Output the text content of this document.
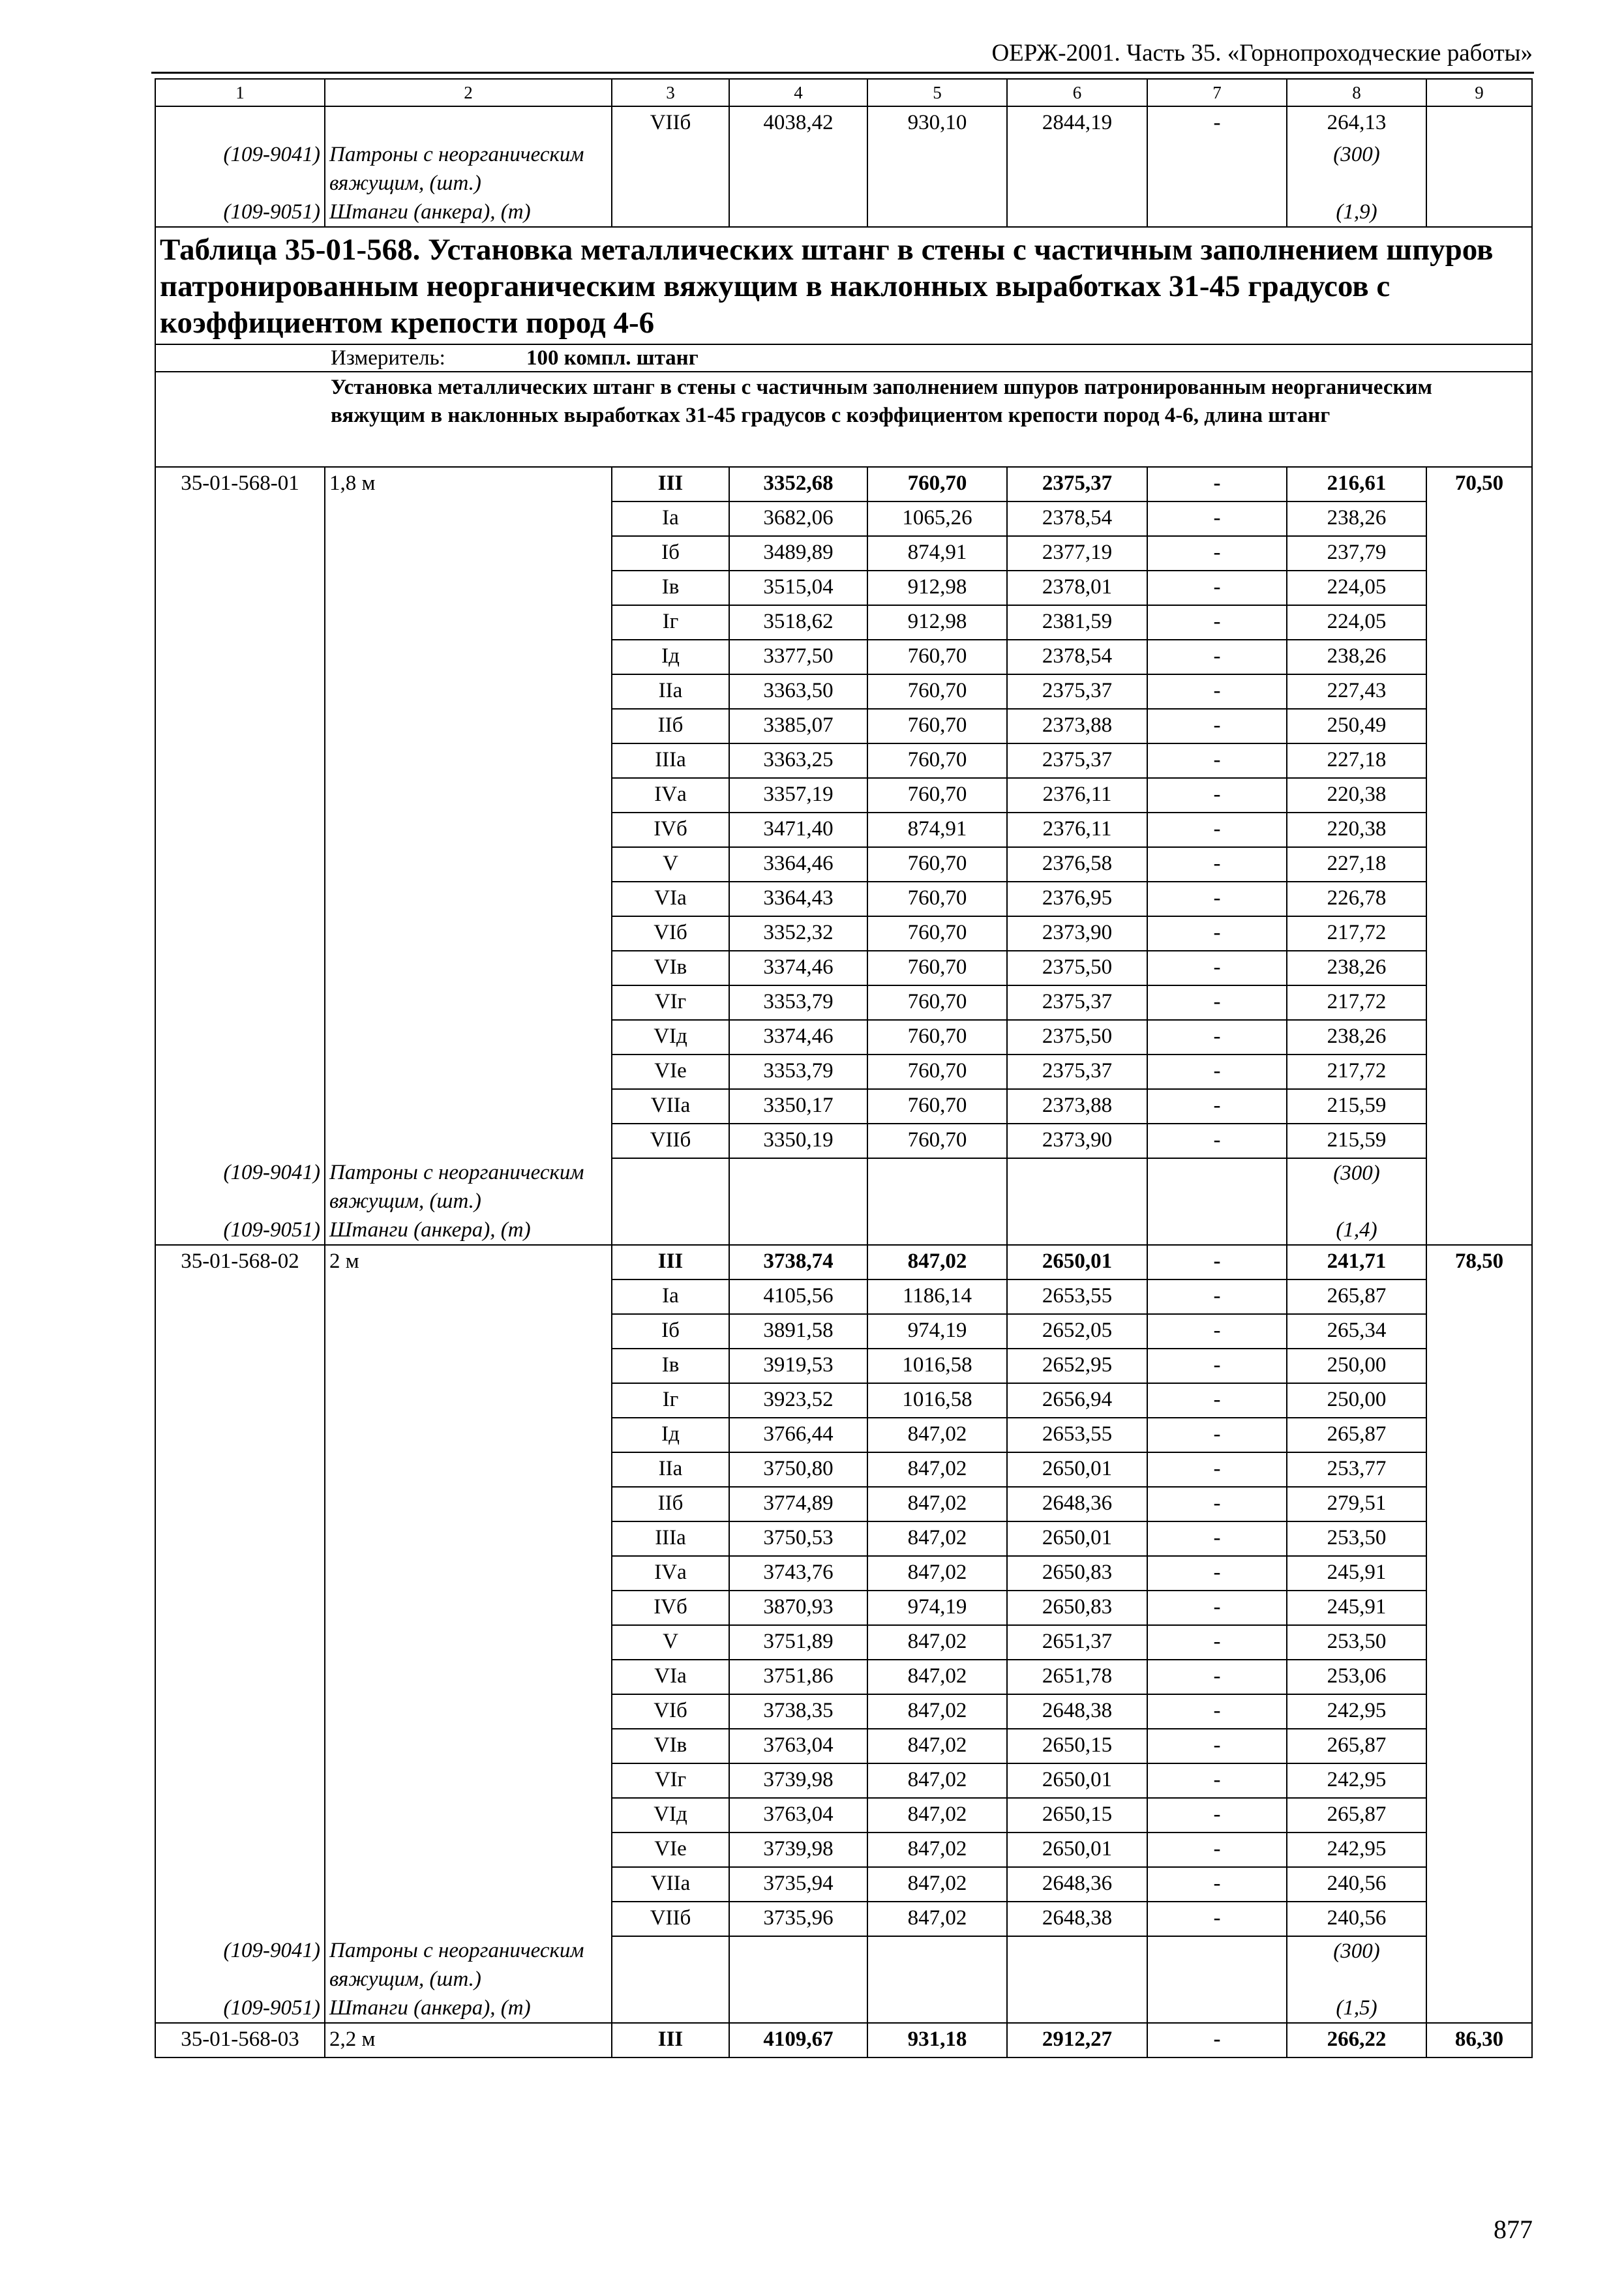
ОЕРЖ-2001. Часть 35. «Горнопроходческие работы»
1	2	3	4	5	6	7	8	9
		VIIб	4038,42	930,10	2844,19	-	264,13	
(109-9041)	Патроны с неорганическим вяжущим, (шт.)						(300)	
(109-9051)	Штанги (анкера), (т)						(1,9)	
Таблица 35-01-568. Установка металлических штанг в стены с частичным заполнением шпуров патронированным неорганическим вяжущим в наклонных выработках 31-45 градусов с коэффициентом крепости пород 4-6								
Измеритель: 100 компл. штанг								
Установка металлических штанг в стены с частичным заполнением шпуров патронированным неорганическим вяжущим в наклонных выработках 31-45 градусов с коэффициентом крепости пород 4-6, длина штанг								
35-01-568-01	1,8 м	III	3352,68	760,70	2375,37	-	216,61	70,50
		Iа	3682,06	1065,26	2378,54	-	238,26	
		Iб	3489,89	874,91	2377,19	-	237,79	
		Iв	3515,04	912,98	2378,01	-	224,05	
		Iг	3518,62	912,98	2381,59	-	224,05	
		Iд	3377,50	760,70	2378,54	-	238,26	
		IIа	3363,50	760,70	2375,37	-	227,43	
		IIб	3385,07	760,70	2373,88	-	250,49	
		IIIа	3363,25	760,70	2375,37	-	227,18	
		IVа	3357,19	760,70	2376,11	-	220,38	
		IVб	3471,40	874,91	2376,11	-	220,38	
		V	3364,46	760,70	2376,58	-	227,18	
		VIа	3364,43	760,70	2376,95	-	226,78	
		VIб	3352,32	760,70	2373,90	-	217,72	
		VIв	3374,46	760,70	2375,50	-	238,26	
		VIг	3353,79	760,70	2375,37	-	217,72	
		VIд	3374,46	760,70	2375,50	-	238,26	
		VIе	3353,79	760,70	2375,37	-	217,72	
		VIIа	3350,17	760,70	2373,88	-	215,59	
		VIIб	3350,19	760,70	2373,90	-	215,59	
(109-9041)	Патроны с неорганическим вяжущим, (шт.)						(300)	
(109-9051)	Штанги (анкера), (т)						(1,4)	
35-01-568-02	2 м	III	3738,74	847,02	2650,01	-	241,71	78,50
		Iа	4105,56	1186,14	2653,55	-	265,87	
		Iб	3891,58	974,19	2652,05	-	265,34	
		Iв	3919,53	1016,58	2652,95	-	250,00	
		Iг	3923,52	1016,58	2656,94	-	250,00	
		Iд	3766,44	847,02	2653,55	-	265,87	
		IIа	3750,80	847,02	2650,01	-	253,77	
		IIб	3774,89	847,02	2648,36	-	279,51	
		IIIа	3750,53	847,02	2650,01	-	253,50	
		IVа	3743,76	847,02	2650,83	-	245,91	
		IVб	3870,93	974,19	2650,83	-	245,91	
		V	3751,89	847,02	2651,37	-	253,50	
		VIа	3751,86	847,02	2651,78	-	253,06	
		VIб	3738,35	847,02	2648,38	-	242,95	
		VIв	3763,04	847,02	2650,15	-	265,87	
		VIг	3739,98	847,02	2650,01	-	242,95	
		VIд	3763,04	847,02	2650,15	-	265,87	
		VIе	3739,98	847,02	2650,01	-	242,95	
		VIIа	3735,94	847,02	2648,36	-	240,56	
		VIIб	3735,96	847,02	2648,38	-	240,56	
(109-9041)	Патроны с неорганическим вяжущим, (шт.)						(300)	
(109-9051)	Штанги (анкера), (т)						(1,5)	
35-01-568-03	2,2 м	III	4109,67	931,18	2912,27	-	266,22	86,30
877
